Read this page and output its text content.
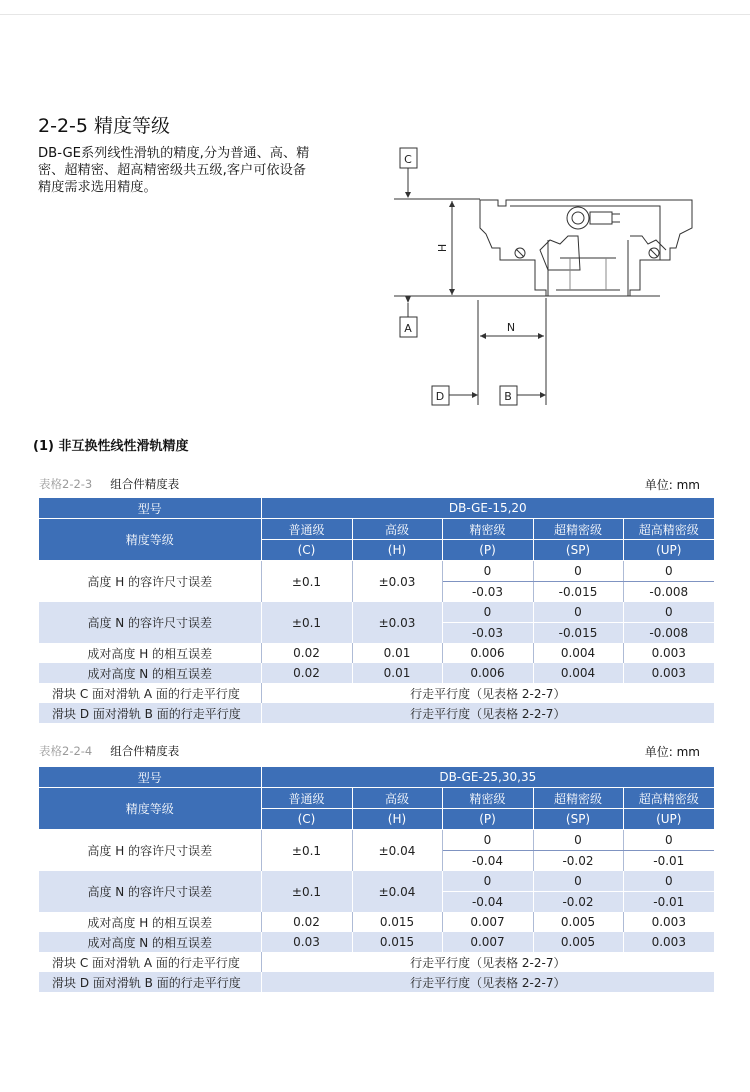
2-2-5 精度等级
DB-GE系列线性滑轨的精度,分为普通、高、精
密、超精密、超高精密级共五级,客户可依设备
精度需求选用精度。
C
A
D	B
N
H
(1) 非互换性线性滑轨精度
表格2-2-3 组合件精度表	单位: mm
型号	DB-GE-15,20				
精度等级	普通级	高级	精密级	超精密级	超高精密级
	(C)	(H)	(P)	(SP)	(UP)
高度 H 的容许尺寸误差	±0.1	±0.03	0	0	0
			-0.03	-0.015	-0.008
高度 N 的容许尺寸误差	±0.1	±0.03	0	0	0
			-0.03	-0.015	-0.008
成对高度 H 的相互误差	0.02	0.01	0.006	0.004	0.003
成对高度 N 的相互误差	0.02	0.01	0.006	0.004	0.003
滑块 C 面对滑轨 A 面的行走平行度	行走平行度（见表格 2-2-7）				
滑块 D 面对滑轨 B 面的行走平行度	行走平行度（见表格 2-2-7）				
表格2-2-4 组合件精度表	单位: mm
型号	DB-GE-25,30,35				
精度等级	普通级	高级	精密级	超精密级	超高精密级
	(C)	(H)	(P)	(SP)	(UP)
高度 H 的容许尺寸误差	±0.1	±0.04	0	0	0
			-0.04	-0.02	-0.01
高度 N 的容许尺寸误差	±0.1	±0.04	0	0	0
			-0.04	-0.02	-0.01
成对高度 H 的相互误差	0.02	0.015	0.007	0.005	0.003
成对高度 N 的相互误差	0.03	0.015	0.007	0.005	0.003
滑块 C 面对滑轨 A 面的行走平行度	行走平行度（见表格 2-2-7）				
滑块 D 面对滑轨 B 面的行走平行度	行走平行度（见表格 2-2-7）				
